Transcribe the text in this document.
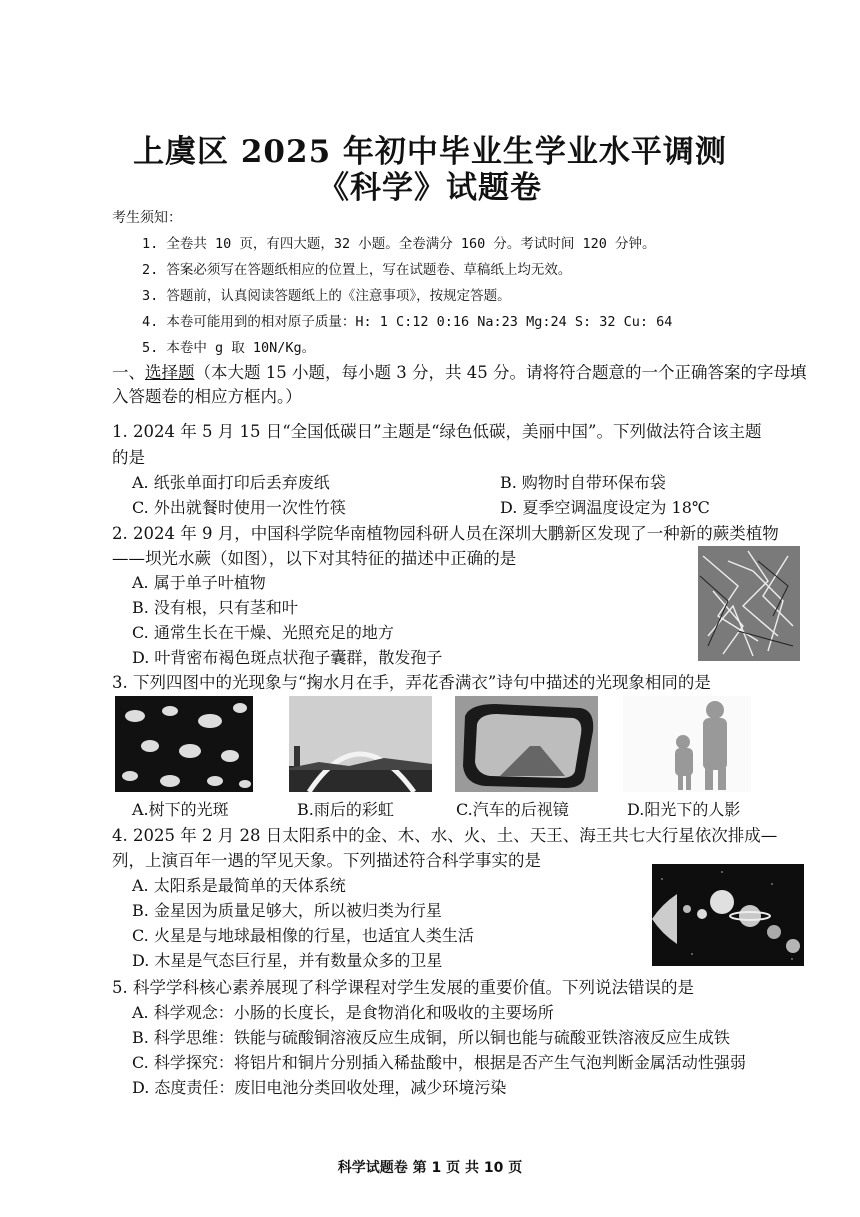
上虞区 2025 年初中毕业生学业水平调测
《科学》试题卷
考生须知：
1. 全卷共 10 页，有四大题，32 小题。全卷满分 160 分。考试时间 120 分钟。
2. 答案必须写在答题纸相应的位置上，写在试题卷、草稿纸上均无效。
3. 答题前，认真阅读答题纸上的《注意事项》，按规定答题。
4. 本卷可能用到的相对原子质量：H: 1 C:12 0:16 Na:23 Mg:24 S: 32 Cu: 64
5. 本卷中 g 取 10N/Kg。
一、选择题（本大题 15 小题，每小题 3 分，共 45 分。请将符合题意的一个正确答案的字母填入答题卷的相应方框内。）
1. 2024 年 5 月 15 日“全国低碳日”主题是“绿色低碳，美丽中国”。下列做法符合该主题
的是
A. 纸张单面打印后丢弃废纸	B. 购物时自带环保布袋
C. 外出就餐时使用一次性竹筷	D. 夏季空调温度设定为 18℃
2. 2024 年 9 月，中国科学院华南植物园科研人员在深圳大鹏新区发现了一种新的蕨类植物
——坝光水蕨（如图），以下对其特征的描述中正确的是
A. 属于单子叶植物
B. 没有根，只有茎和叶
C. 通常生长在干燥、光照充足的地方
D. 叶背密布褐色斑点状孢子囊群，散发孢子
3. 下列四图中的光现象与“掬水月在手，弄花香满衣”诗句中描述的光现象相同的是
A.树下的光斑	B.雨后的彩虹	C.汽车的后视镜	D.阳光下的人影
4. 2025 年 2 月 28 日太阳系中的金、木、水、火、土、天王、海王共七大行星依次排成—
列，上演百年一遇的罕见天象。下列描述符合科学事实的是
A. 太阳系是最简单的天体系统
B. 金星因为质量足够大，所以被归类为行星
C. 火星是与地球最相像的行星，也适宜人类生活
D. 木星是气态巨行星，并有数量众多的卫星
5. 科学学科核心素养展现了科学课程对学生发展的重要价值。下列说法错误的是
A. 科学观念：小肠的长度长，是食物消化和吸收的主要场所
B. 科学思维：铁能与硫酸铜溶液反应生成铜，所以铜也能与硫酸亚铁溶液反应生成铁
C. 科学探究：将铝片和铜片分别插入稀盐酸中，根据是否产生气泡判断金属活动性强弱
D. 态度责任：废旧电池分类回收处理，减少环境污染
科学试题卷 第 1 页 共 10 页
